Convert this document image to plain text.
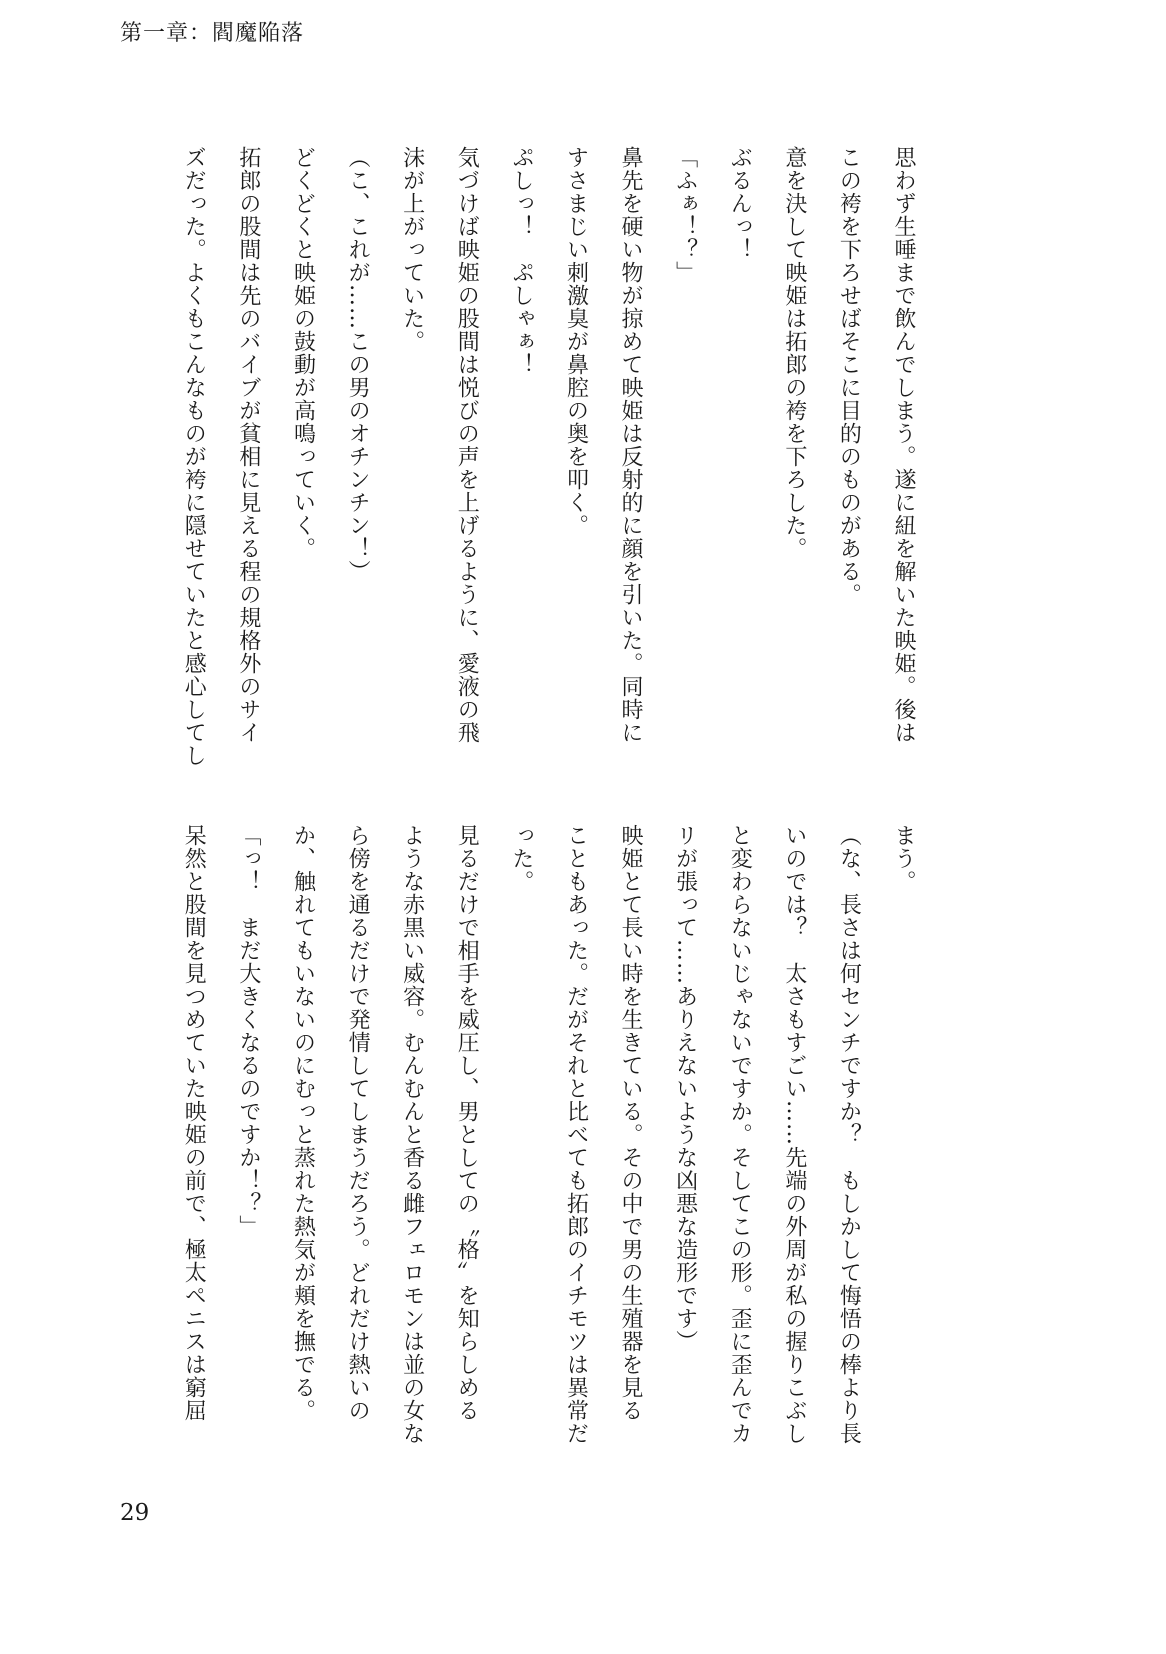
第一章：閻魔陥落
思わず生唾まで飲んでしまう。遂に紐を解いた映姫。後は
この袴を下ろせばそこに目的のものがある。
意を決して映姫は拓郎の袴を下ろした。
ぶるんっ！
「ふぁ！？」
鼻先を硬い物が掠めて映姫は反射的に顔を引いた。同時に
すさまじい刺激臭が鼻腔の奥を叩く。
ぷしっ！　ぷしゃぁ！
気づけば映姫の股間は悦びの声を上げるように、愛液の飛
沫が上がっていた。
（こ、これが……この男のオチンチン！）
どくどくと映姫の鼓動が高鳴っていく。
拓郎の股間は先のバイブが貧相に見える程の規格外のサイ
ズだった。よくもこんなものが袴に隠せていたと感心してし
まう。
（な、長さは何センチですか？　もしかして悔悟の棒より長
いのでは？　太さもすごい……先端の外周が私の握りこぶし
と変わらないじゃないですか。そしてこの形。歪に歪んでカ
リが張って……ありえないような凶悪な造形です）
映姫とて長い時を生きている。その中で男の生殖器を見る
こともあった。だがそれと比べても拓郎のイチモツは異常だ
った。
見るだけで相手を威圧し、男としての〝格〟を知らしめる
ような赤黒い威容。むんむんと香る雌フェロモンは並の女な
ら傍を通るだけで発情してしまうだろう。どれだけ熱いの
か、触れてもいないのにむっと蒸れた熱気が頬を撫でる。
「っ！　まだ大きくなるのですか！？」
呆然と股間を見つめていた映姫の前で、極太ペニスは窮屈
29
